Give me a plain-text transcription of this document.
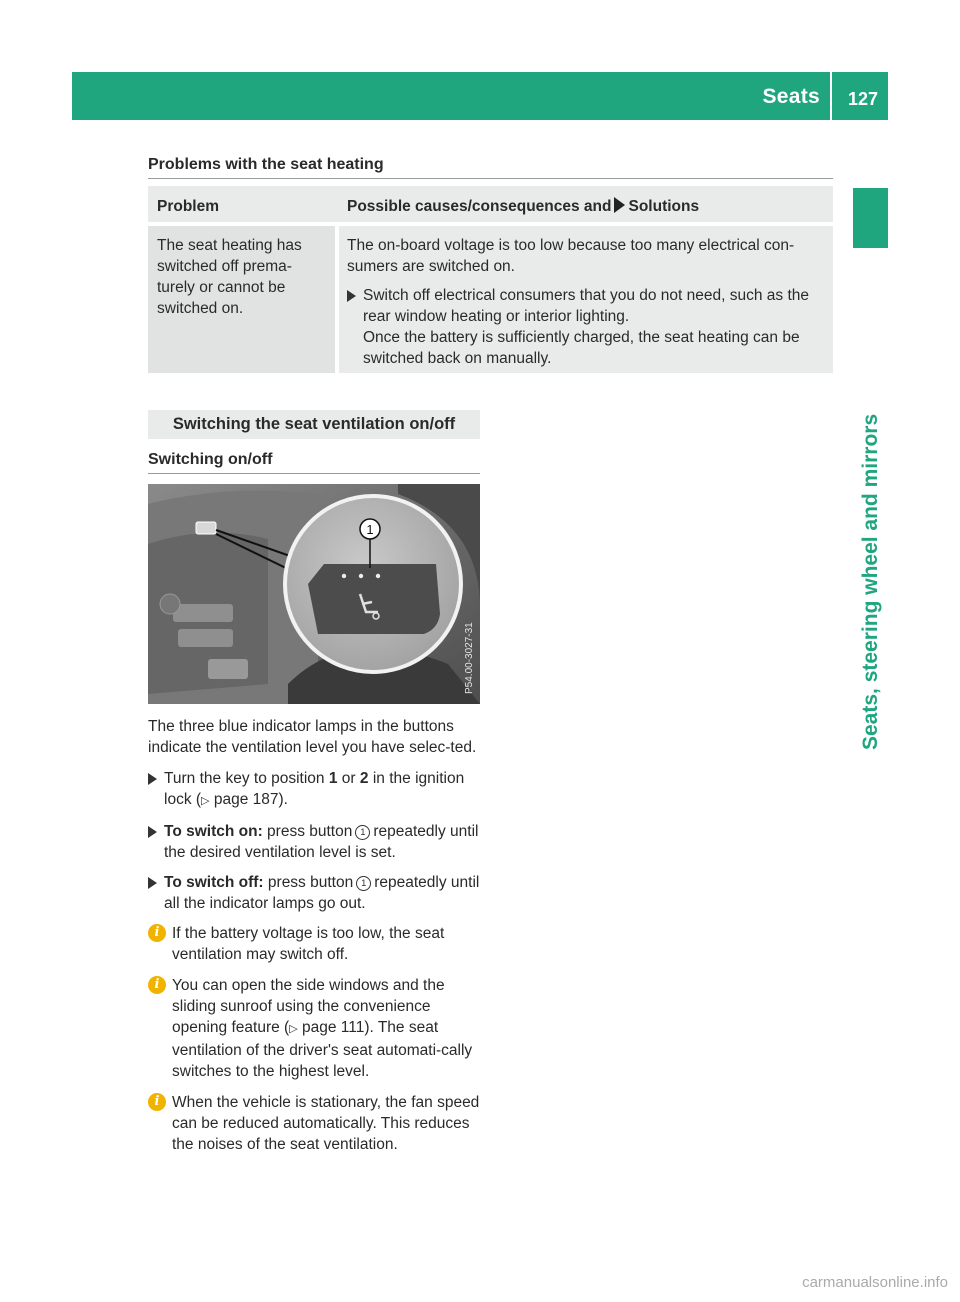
Seats 127
Seats, steering wheel and mirrors
Problems with the seat heating
Problem	Possible causes/consequences and Solutions
The seat heating has switched off prema-turely or cannot be switched on.

The on-board voltage is too low because too many electrical con-sumers are switched on.

Switch off electrical consumers that you do not need, such as the rear window heating or interior lighting.
Once the battery is sufficiently charged, the seat heating can be switched back on manually.
Switching the seat ventilation on/off
Switching on/off
1
P54.00-3027-31

The three blue indicator lamps in the buttons indicate the ventilation level you have selec-ted.

Turn the key to position 1 or 2 in the ignition lock (▷ page 187).
To switch on: press button 1 repeatedly until the desired ventilation level is set.
To switch off: press button 1 repeatedly until all the indicator lamps go out.
i If the battery voltage is too low, the seat ventilation may switch off.
i You can open the side windows and the sliding sunroof using the convenience opening feature (▷ page 111). The seat ventilation of the driver's seat automati-cally switches to the highest level.
i When the vehicle is stationary, the fan speed can be reduced automatically. This reduces the noises of the seat ventilation.
carmanualsonline.info
